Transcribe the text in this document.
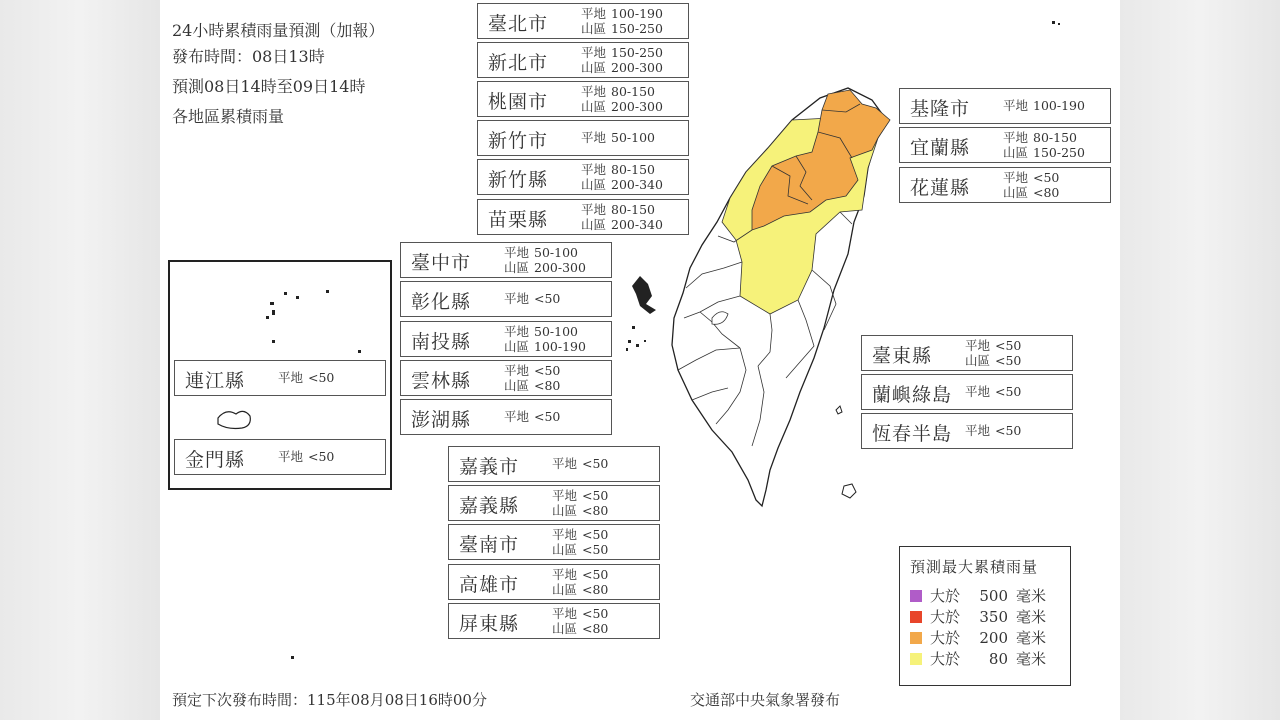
24小時累積雨量預測（加報）
發布時間：08日13時
預測08日14時至09日14時
各地區累積雨量
臺北市	平地 100-190
山區 150-250
新北市	平地 150-250
山區 200-300
桃園市	平地 80-150
山區 200-300
新竹市	平地 50-100
新竹縣	平地 80-150
山區 200-340
苗栗縣	平地 80-150
山區 200-340
基隆市	平地 100-190
宜蘭縣	平地 80-150
山區 150-250
花蓮縣	平地 <50
山區 <80
臺中市	平地 50-100
山區 200-300
彰化縣	平地 <50
南投縣	平地 50-100
山區 100-190
雲林縣	平地 <50
山區 <80
澎湖縣	平地 <50
連江縣	平地 <50
金門縣	平地 <50	嘉義市	平地 <50
嘉義縣	平地 <50
山區 <80
臺南市	平地 <50
山區 <50
高雄市	平地 <50
山區 <80
屏東縣	平地 <50
山區 <80
臺東縣	平地 <50
山區 <50
蘭嶼綠島 平地 <50
恆春半島 平地 <50
預測最大累積雨量
大於 500 毫米
大於 350 毫米
大於 200 毫米
大於 80 毫米
預定下次發布時間：115年08月08日16時00分	交通部中央氣象署發布
